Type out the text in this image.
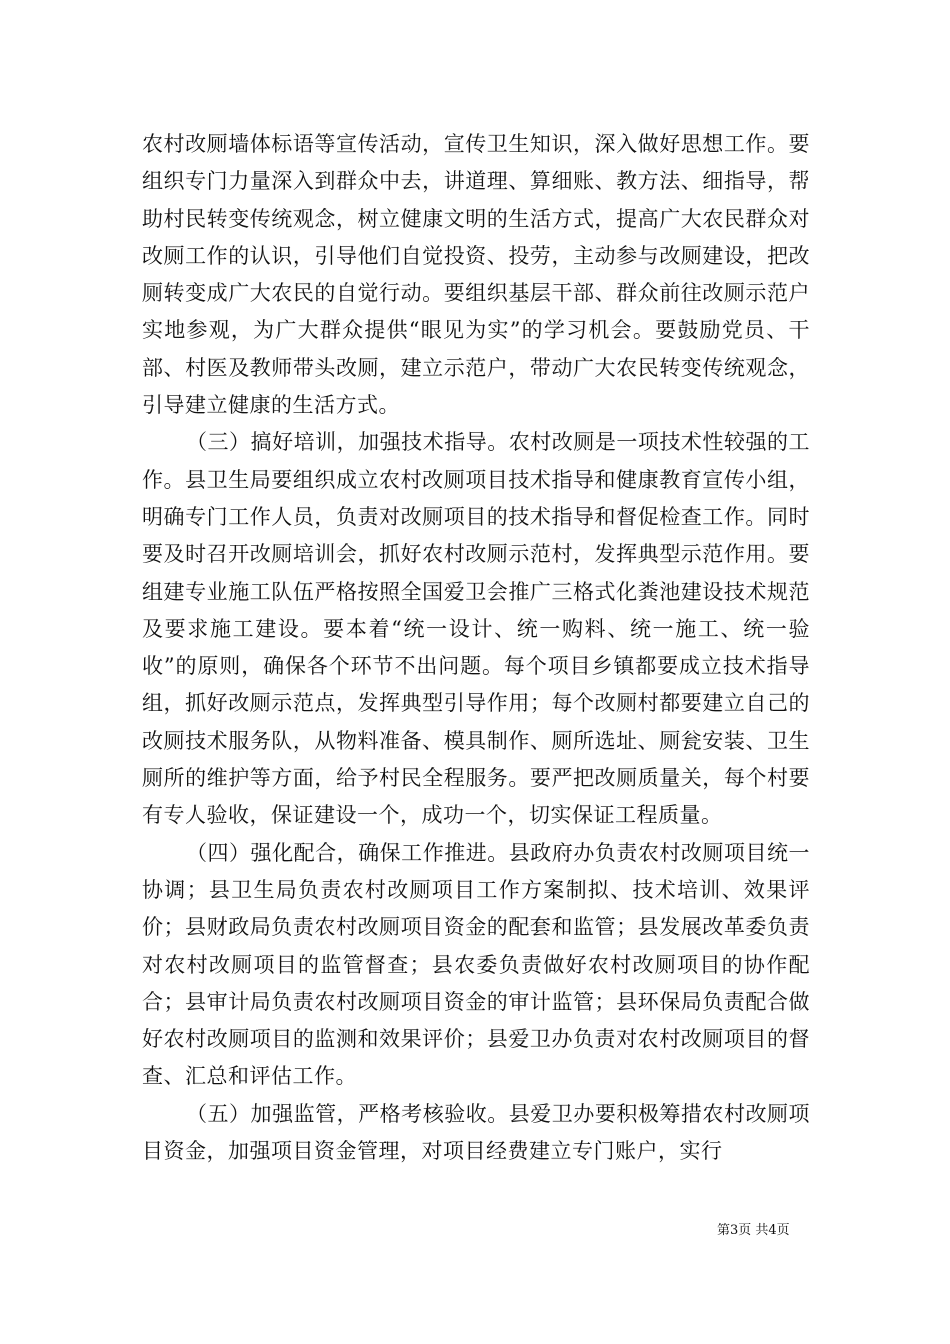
农村改厕墙体标语等宣传活动，宣传卫生知识，深入做好思想工作。要组织专门力量深入到群众中去，讲道理、算细账、教方法、细指导，帮助村民转变传统观念，树立健康文明的生活方式，提高广大农民群众对改厕工作的认识，引导他们自觉投资、投劳，主动参与改厕建设，把改厕转变成广大农民的自觉行动。要组织基层干部、群众前往改厕示范户实地参观，为广大群众提供“眼见为实”的学习机会。要鼓励党员、干部、村医及教师带头改厕，建立示范户，带动广大农民转变传统观念，引导建立健康的生活方式。

（三）搞好培训，加强技术指导。农村改厕是一项技术性较强的工作。县卫生局要组织成立农村改厕项目技术指导和健康教育宣传小组，明确专门工作人员，负责对改厕项目的技术指导和督促检查工作。同时要及时召开改厕培训会，抓好农村改厕示范村，发挥典型示范作用。要组建专业施工队伍严格按照全国爱卫会推广三格式化粪池建设技术规范及要求施工建设。要本着“统一设计、统一购料、统一施工、统一验收”的原则，确保各个环节不出问题。每个项目乡镇都要成立技术指导组，抓好改厕示范点，发挥典型引导作用；每个改厕村都要建立自己的改厕技术服务队，从物料准备、模具制作、厕所选址、厕瓮安装、卫生厕所的维护等方面，给予村民全程服务。要严把改厕质量关，每个村要有专人验收，保证建设一个，成功一个，切实保证工程质量。

（四）强化配合，确保工作推进。县政府办负责农村改厕项目统一协调；县卫生局负责农村改厕项目工作方案制拟、技术培训、效果评价；县财政局负责农村改厕项目资金的配套和监管；县发展改革委负责对农村改厕项目的监管督查；县农委负责做好农村改厕项目的协作配合；县审计局负责农村改厕项目资金的审计监管；县环保局负责配合做好农村改厕项目的监测和效果评价；县爱卫办负责对农村改厕项目的督查、汇总和评估工作。

（五）加强监管，严格考核验收。县爱卫办要积极筹措农村改厕项目资金，加强项目资金管理，对项目经费建立专门账户，实行

第3页 共4页
